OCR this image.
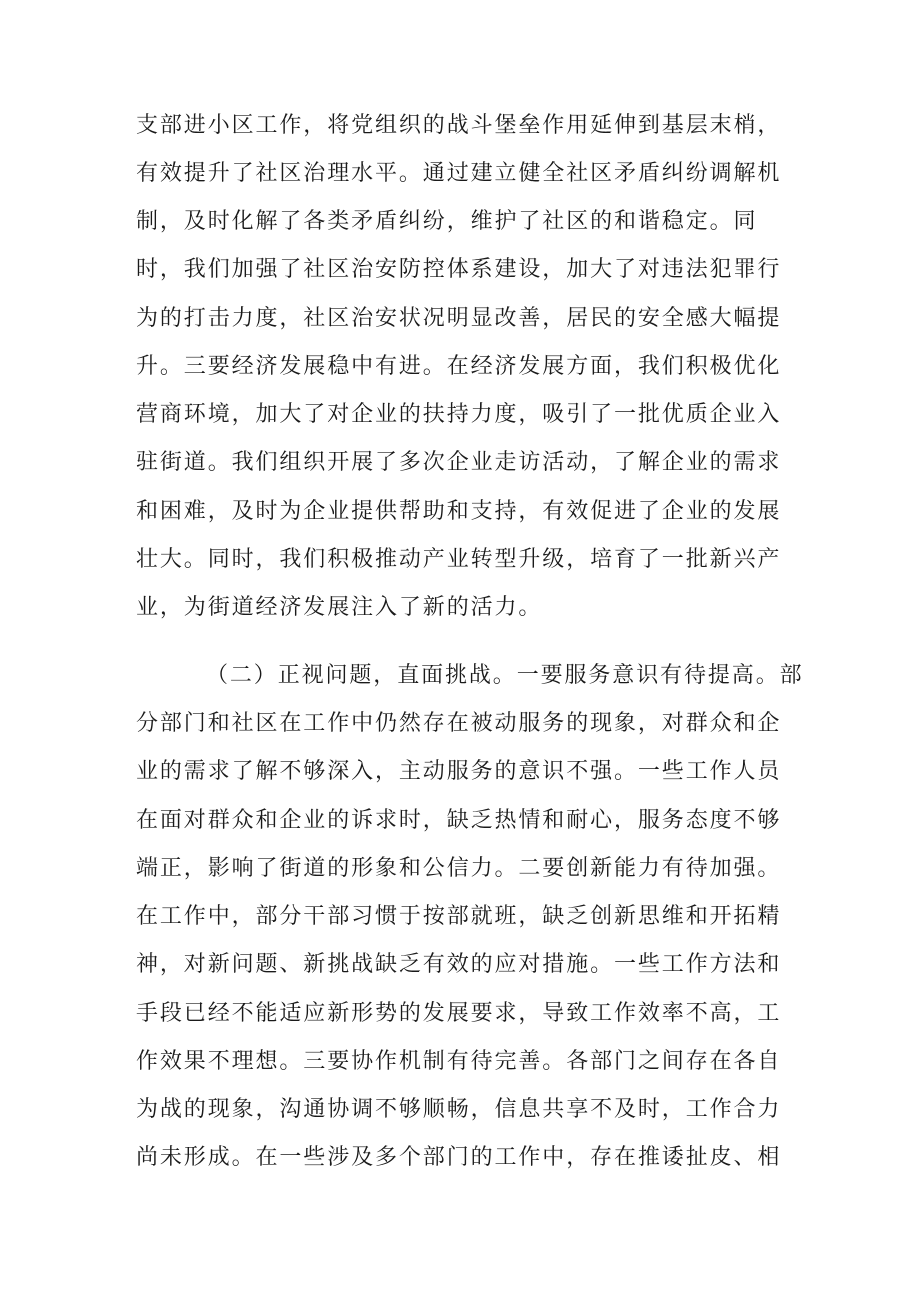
支部进小区工作，将党组织的战斗堡垒作用延伸到基层末梢，
有效提升了社区治理水平。通过建立健全社区矛盾纠纷调解机
制，及时化解了各类矛盾纠纷，维护了社区的和谐稳定。同
时，我们加强了社区治安防控体系建设，加大了对违法犯罪行
为的打击力度，社区治安状况明显改善，居民的安全感大幅提
升。三要经济发展稳中有进。在经济发展方面，我们积极优化
营商环境，加大了对企业的扶持力度，吸引了一批优质企业入
驻街道。我们组织开展了多次企业走访活动，了解企业的需求
和困难，及时为企业提供帮助和支持，有效促进了企业的发展
壮大。同时，我们积极推动产业转型升级，培育了一批新兴产
业，为街道经济发展注入了新的活力。
（二）正视问题，直面挑战。一要服务意识有待提高。部
分部门和社区在工作中仍然存在被动服务的现象，对群众和企
业的需求了解不够深入，主动服务的意识不强。一些工作人员
在面对群众和企业的诉求时，缺乏热情和耐心，服务态度不够
端正，影响了街道的形象和公信力。二要创新能力有待加强。
在工作中，部分干部习惯于按部就班，缺乏创新思维和开拓精
神，对新问题、新挑战缺乏有效的应对措施。一些工作方法和
手段已经不能适应新形势的发展要求，导致工作效率不高，工
作效果不理想。三要协作机制有待完善。各部门之间存在各自
为战的现象，沟通协调不够顺畅，信息共享不及时，工作合力
尚未形成。在一些涉及多个部门的工作中，存在推诿扯皮、相
